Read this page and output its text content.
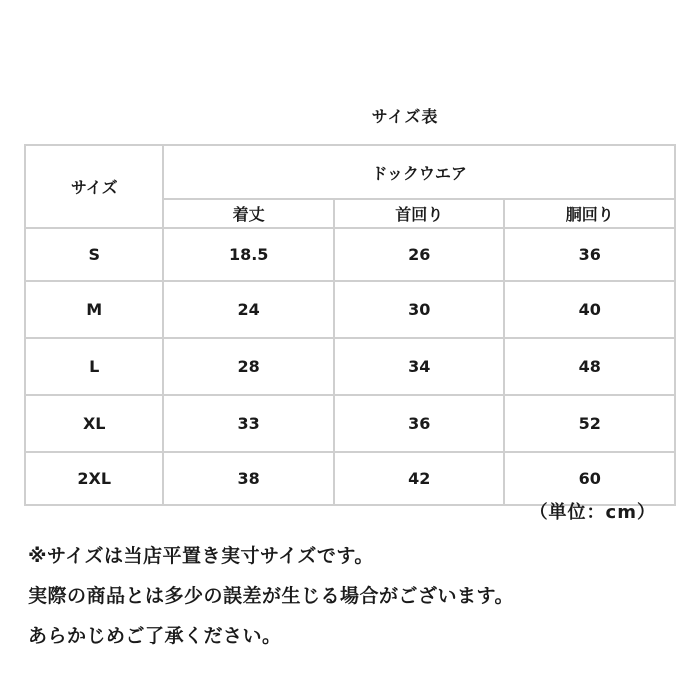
サイズ表
サイズ	ドックウエア		
	着丈	首回り	胴回り
S	18.5	26	36
M	24	30	40
L	28	34	48
XL	33	36	52
2XL	38	42	60
（単位：cm）
※サイズは当店平置き実寸サイズです。
実際の商品とは多少の誤差が生じる場合がございます。
あらかじめご了承ください。
